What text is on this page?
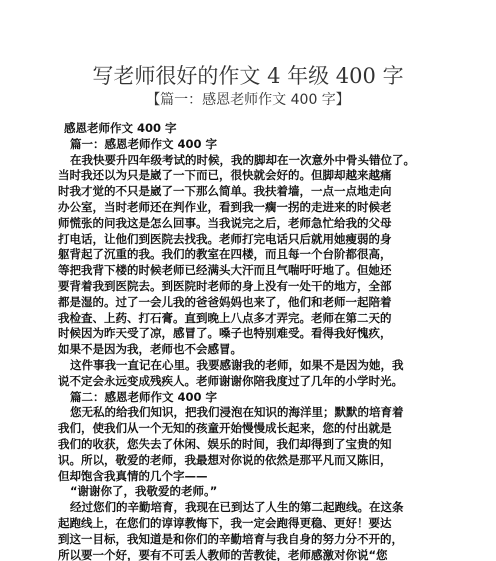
写老师很好的作文 4 年级 400 字
【篇一：感恩老师作文 400 字】
感恩老师作文 400 字
篇一：感恩老师作文 400 字
在我快要升四年级考试的时候，我的脚却在一次意外中骨头错位了。
当时我还以为只是崴了一下而已，很快就会好的。但脚却越来越痛
时我才觉的不只是崴了一下那么简单。我扶着墙，一点一点地走向
办公室，当时老师还在判作业，看到我一瘸一拐的走进来的时候老
师慌张的问我这是怎么回事。当我说完之后，老师急忙给我的父母
打电话，让他们到医院去找我。老师打完电话只后就用她瘦弱的身
躯背起了沉重的我。我们的教室在四楼，而且每一个台阶都很高，
等把我背下楼的时候老师已经满头大汗而且气喘吁吁地了。但她还
要背着我到医院去。到医院时老师的身上没有一处干的地方，全部
都是湿的。过了一会儿我的爸爸妈妈也来了，他们和老师一起陪着
我检查、上药、打石膏。直到晚上八点多才弄完。老师在第二天的
时候因为昨天受了凉，感冒了。嗓子也特别难受。看得我好愧疚，
如果不是因为我，老师也不会感冒。
这件事我一直记在心里。我要感谢我的老师，如果不是因为她，我
说不定会永远变成残疾人。老师谢谢你陪我度过了几年的小学时光。
篇二：感恩老师作文 400 字
您无私的给我们知识，把我们浸泡在知识的海洋里；默默的培育着
我们，使我们从一个无知的孩童开始慢慢成长起来，您的付出就是
我们的收获，您失去了休闲、娱乐的时间，我们却得到了宝贵的知
识。所以，敬爱的老师，我最想对你说的依然是那平凡而又陈旧，
但却饱含我真情的几个字——
“谢谢你了，我敬爱的老师。”
经过您们的辛勤培育，我现在已到达了人生的第二起跑线。在这条
起跑线上，在您们的谆谆教悔下，我一定会跑得更稳、更好！要达
到这一目标，我知道是和你们的辛勤培育与我自身的努力分不开的，
所以要一个好，要有不可丢人教师的苦教徒，老师感激对你说“您
